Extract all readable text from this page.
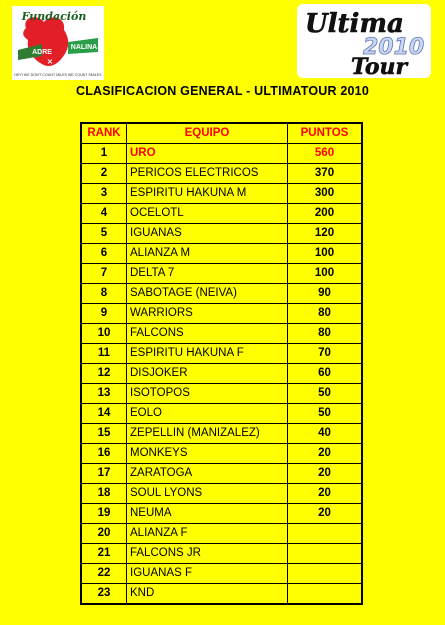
Fundación
ADRE
NALINA
×
HEY! WE DON'T COUNT MILES WE COUNT SMILES
Ultima
2010
Tour
CLASIFICACION GENERAL - ULTIMATOUR 2010
RANK	EQUIPO	PUNTOS
1	URO	560
2	PERICOS ELECTRICOS	370
3	ESPIRITU HAKUNA M	300
4	OCELOTL	200
5	IGUANAS	120
6	ALIANZA M	100
7	DELTA 7	100
8	SABOTAGE (NEIVA)	90
9	WARRIORS	80
10	FALCONS	80
11	ESPIRITU HAKUNA F	70
12	DISJOKER	60
13	ISOTOPOS	50
14	EOLO	50
15	ZEPELLIN (MANIZALEZ)	40
16	MONKEYS	20
17	ZARATOGA	20
18	SOUL LYONS	20
19	NEUMA	20
20	ALIANZA F	
21	FALCONS JR	
22	IGUANAS F	
23	KND	
